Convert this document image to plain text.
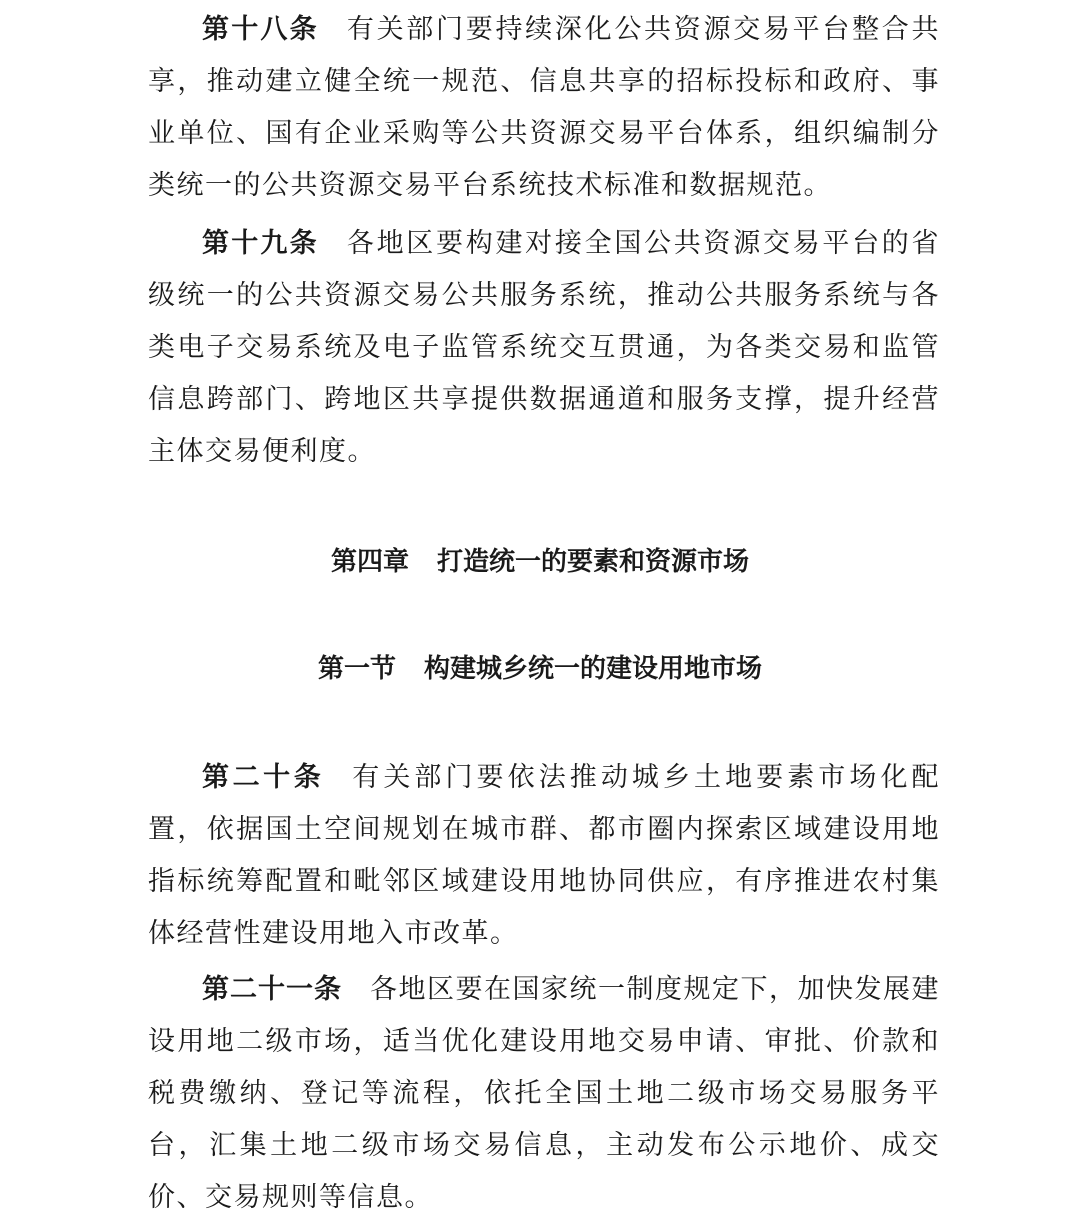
第十八条 有关部门要持续深化公共资源交易平台整合共享，推动建立健全统一规范、信息共享的招标投标和政府、事业单位、国有企业采购等公共资源交易平台体系，组织编制分类统一的公共资源交易平台系统技术标准和数据规范。

第十九条 各地区要构建对接全国公共资源交易平台的省级统一的公共资源交易公共服务系统，推动公共服务系统与各类电子交易系统及电子监管系统交互贯通，为各类交易和监管信息跨部门、跨地区共享提供数据通道和服务支撑，提升经营主体交易便利度。

第四章 打造统一的要素和资源市场
第一节 构建城乡统一的建设用地市场

第二十条 有关部门要依法推动城乡土地要素市场化配置，依据国土空间规划在城市群、都市圈内探索区域建设用地指标统筹配置和毗邻区域建设用地协同供应，有序推进农村集体经营性建设用地入市改革。

第二十一条 各地区要在国家统一制度规定下，加快发展建设用地二级市场，适当优化建设用地交易申请、审批、价款和税费缴纳、登记等流程，依托全国土地二级市场交易服务平台，汇集土地二级市场交易信息，主动发布公示地价、成交价、交易规则等信息。
